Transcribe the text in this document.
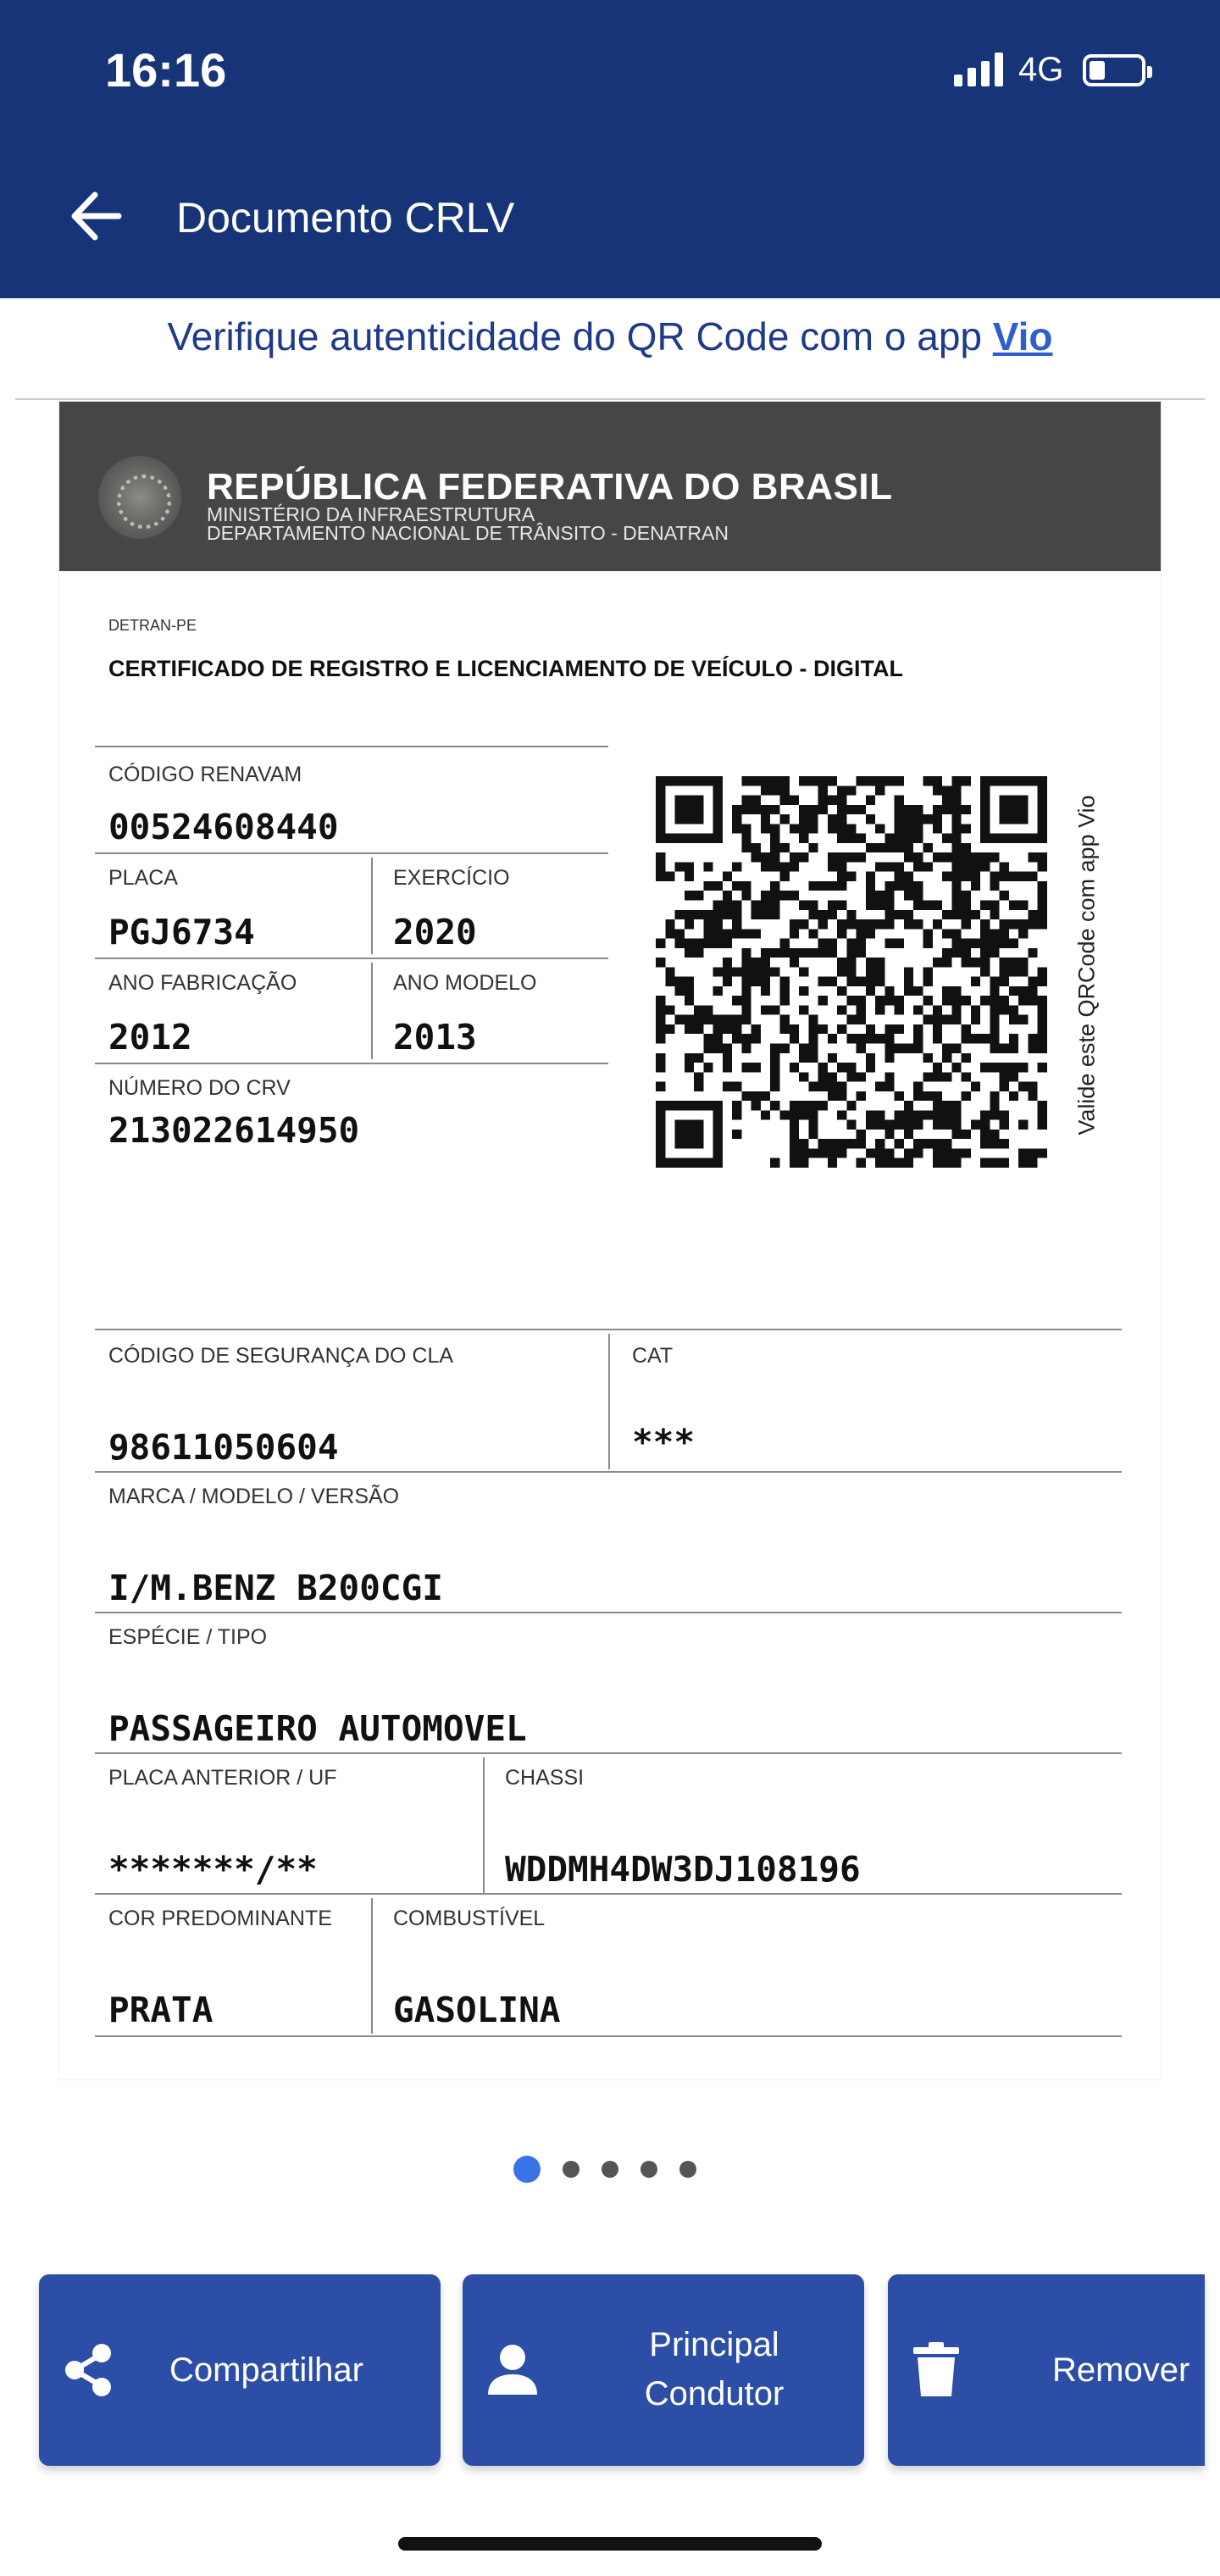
16:16	4G
Documento CRLV
Verifique autenticidade do QR Code com o app Vio
REPÚBLICA FEDERATIVA DO BRASIL
MINISTÉRIO DA INFRAESTRUTURA
DEPARTAMENTO NACIONAL DE TRÂNSITO - DENATRAN
DETRAN-PE
CERTIFICADO DE REGISTRO E LICENCIAMENTO DE VEÍCULO - DIGITAL
CÓDIGO RENAVAM
00524608440
PLACA
PGJ6734
EXERCÍCIO
2020
ANO FABRICAÇÃO
2012
ANO MODELO
2013
NÚMERO DO CRV
213022614950	Valide este QRCode com app Vio
CÓDIGO DE SEGURANÇA DO CLA
98611050604
CAT
***
MARCA / MODELO / VERSÃO
I/M.BENZ B200CGI
ESPÉCIE / TIPO
PASSAGEIRO AUTOMOVEL
PLACA ANTERIOR / UF
*******/**
CHASSI
WDDMH4DW3DJ108196
COR PREDOMINANTE
PRATA
COMBUSTÍVEL
GASOLINA
Compartilhar
Principal
Condutor
Remover
